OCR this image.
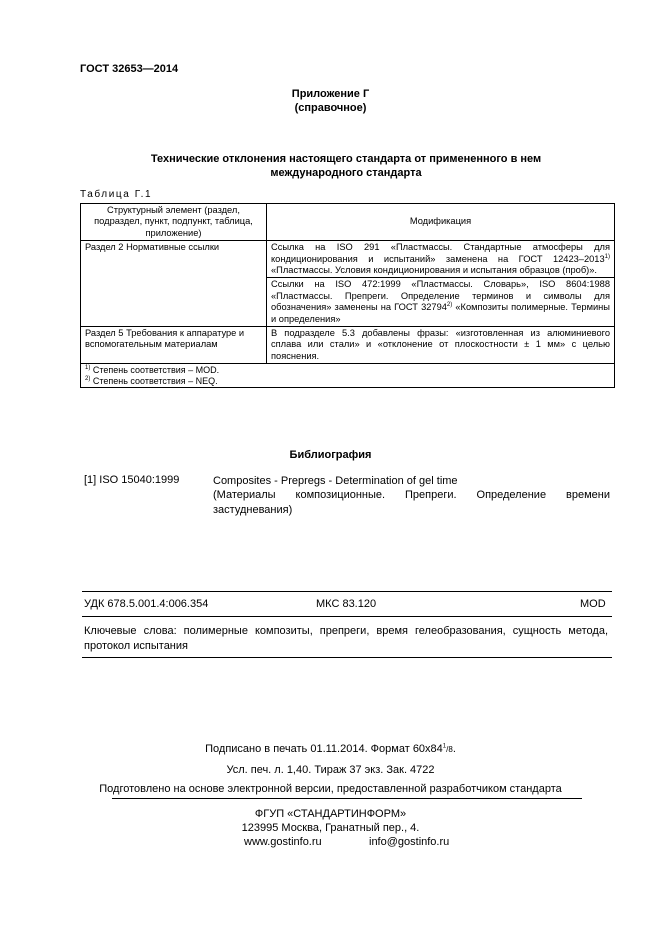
ГОСТ 32653—2014
Приложение Г
(справочное)
Технические отклонения настоящего стандарта от примененного в нем
международного стандарта
Таблица Г.1
Структурный элемент (раздел, подраздел, пункт, подпункт, таблица, приложение)	Модификация
Раздел 2 Нормативные ссылки	Ссылка на ISO 291 «Пластмассы. Стандартные атмосферы для кондиционирования и испытаний» заменена на ГОСТ 12423–2013$^{1)}$ «Пластмассы. Условия кондиционирования и испытания образцов (проб)».
	Ссылки на ISO 472:1999 «Пластмассы. Словарь», ISO 8604:1988 «Пластмассы. Препреги. Определение терминов и символы для обозначения» заменены на ГОСТ 32794$^{2)}$ «Композиты полимерные. Термины и определения»
Раздел 5 Требования к аппаратуре и вспомогательным материалам	В подразделе 5.3 добавлены фразы: «изготовленная из алюминиевого сплава или стали» и «отклонение от плоскостности ± 1 мм» с целью пояснения.

$^{1)}$ Степень соответствия – MOD.
$^{2)}$ Степень соответствия – NEQ.	
Библиография
[1] ISO 15040:1999	Composites - Prepregs - Determination of gel time
(Материалы композиционные. Препреги. Определение времени застудневания)
УДК 678.5.001.4:006.354	МКС 83.120	MOD
Ключевые слова: полимерные композиты, препреги, время гелеобразования, сущность метода, протокол испытания
Подписано в печать 01.11.2014. Формат $60x84^1/8$.
Усл. печ. л. 1,40. Тираж 37 экз. Зак. 4722
Подготовлено на основе электронной версии, предоставленной разработчиком стандарта
ФГУП «СТАНДАРТИНФОРМ»
123995 Москва, Гранатный пер., 4.
www.gostinfo.ru	info@gostinfo.ru
